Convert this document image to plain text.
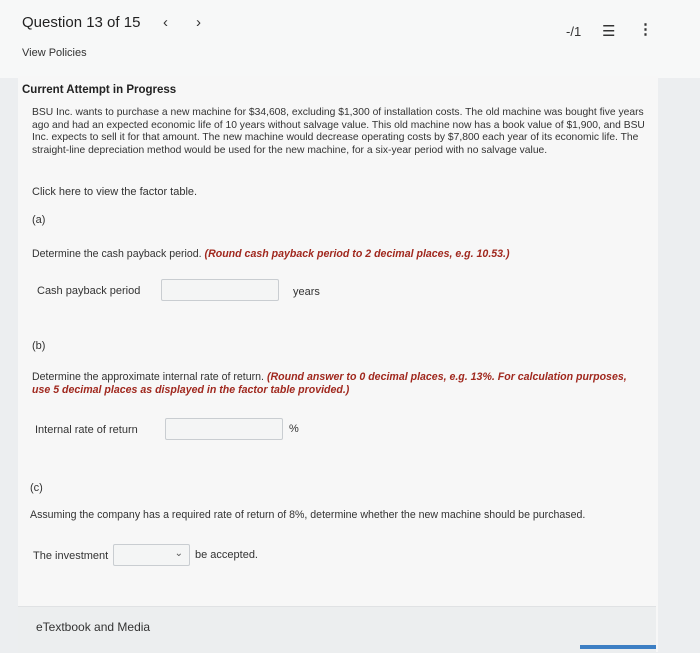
Question 13 of 15 ‹ ›
-/1 ☰ ⋮
View Policies
Current Attempt in Progress
BSU Inc. wants to purchase a new machine for $34,608, excluding $1,300 of installation costs. The old machine was bought five years ago and had an expected economic life of 10 years without salvage value. This old machine now has a book value of $1,900, and BSU Inc. expects to sell it for that amount. The new machine would decrease operating costs by $7,800 each year of its economic life. The straight-line depreciation method would be used for the new machine, for a six-year period with no salvage value.
Click here to view the factor table.
(a)
Determine the cash payback period. (Round cash payback period to 2 decimal places, e.g. 10.53.)
Cash payback period	years
(b)
Determine the approximate internal rate of return. (Round answer to 0 decimal places, e.g. 13%. For calculation purposes, use 5 decimal places as displayed in the factor table provided.)
Internal rate of return	%
(c)
Assuming the company has a required rate of return of 8%, determine whether the new machine should be purchased.
The investment	⌄ be accepted.
eTextbook and Media
